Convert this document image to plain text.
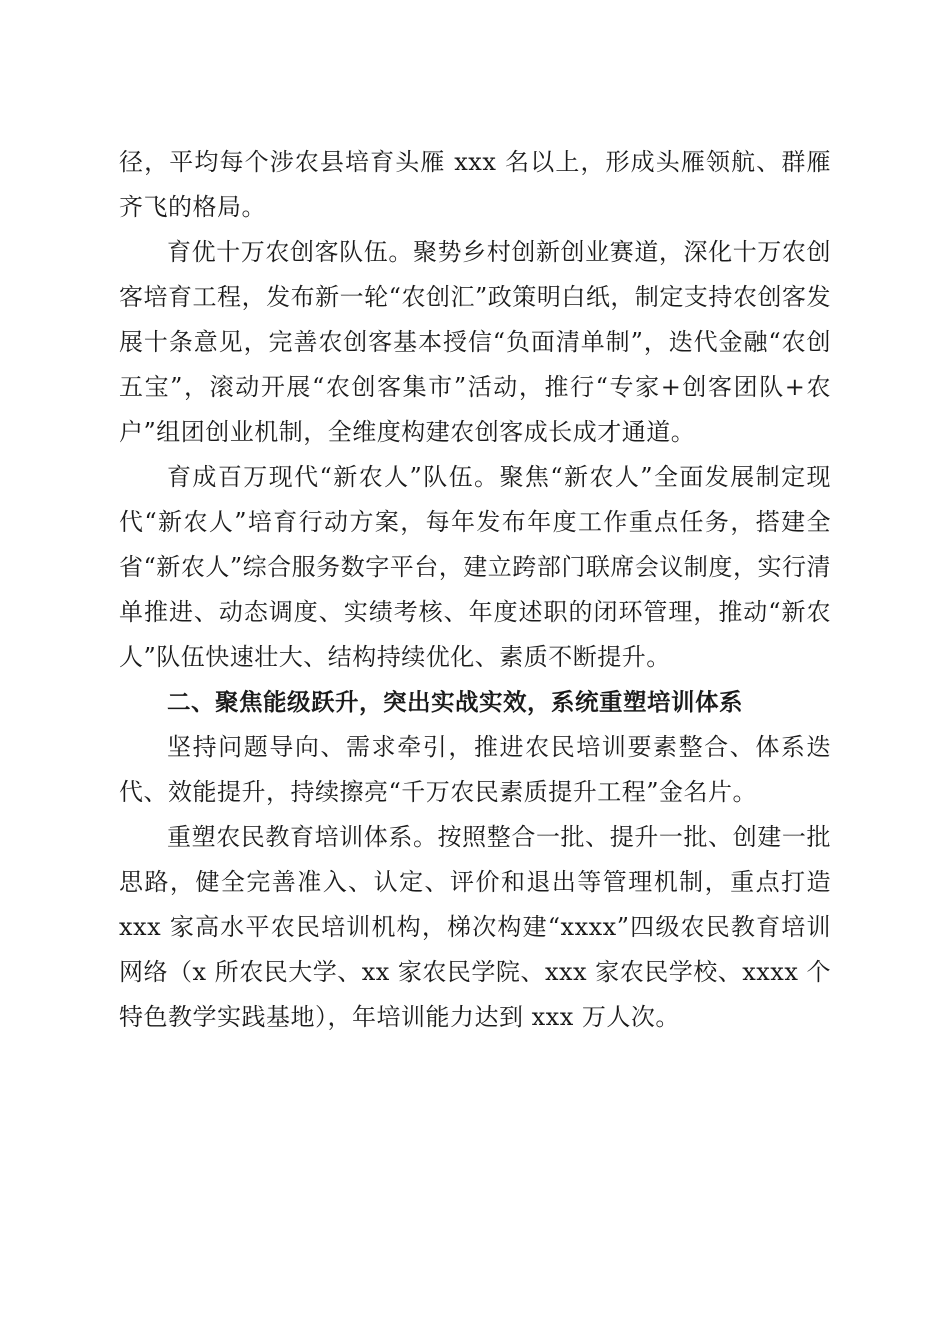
径，平均每个涉农县培育头雁 xxx 名以上，形成头雁领航、群雁齐飞的格局。

育优十万农创客队伍。聚势乡村创新创业赛道，深化十万农创客培育工程，发布新一轮“农创汇”政策明白纸，制定支持农创客发展十条意见，完善农创客基本授信“负面清单制”，迭代金融“农创五宝”，滚动开展“农创客集市”活动，推行“专家+创客团队+农户”组团创业机制，全维度构建农创客成长成才通道。

育成百万现代“新农人”队伍。聚焦“新农人”全面发展制定现代“新农人”培育行动方案，每年发布年度工作重点任务，搭建全省“新农人”综合服务数字平台，建立跨部门联席会议制度，实行清单推进、动态调度、实绩考核、年度述职的闭环管理，推动“新农人”队伍快速壮大、结构持续优化、素质不断提升。

二、聚焦能级跃升，突出实战实效，系统重塑培训体系

坚持问题导向、需求牵引，推进农民培训要素整合、体系迭代、效能提升，持续擦亮“千万农民素质提升工程”金名片。

重塑农民教育培训体系。按照整合一批、提升一批、创建一批思路，健全完善准入、认定、评价和退出等管理机制，重点打造 xxx 家高水平农民培训机构，梯次构建“xxxx”四级农民教育培训网络（x 所农民大学、xx 家农民学院、xxx 家农民学校、xxxx 个特色教学实践基地），年培训能力达到 xxx 万人次。
